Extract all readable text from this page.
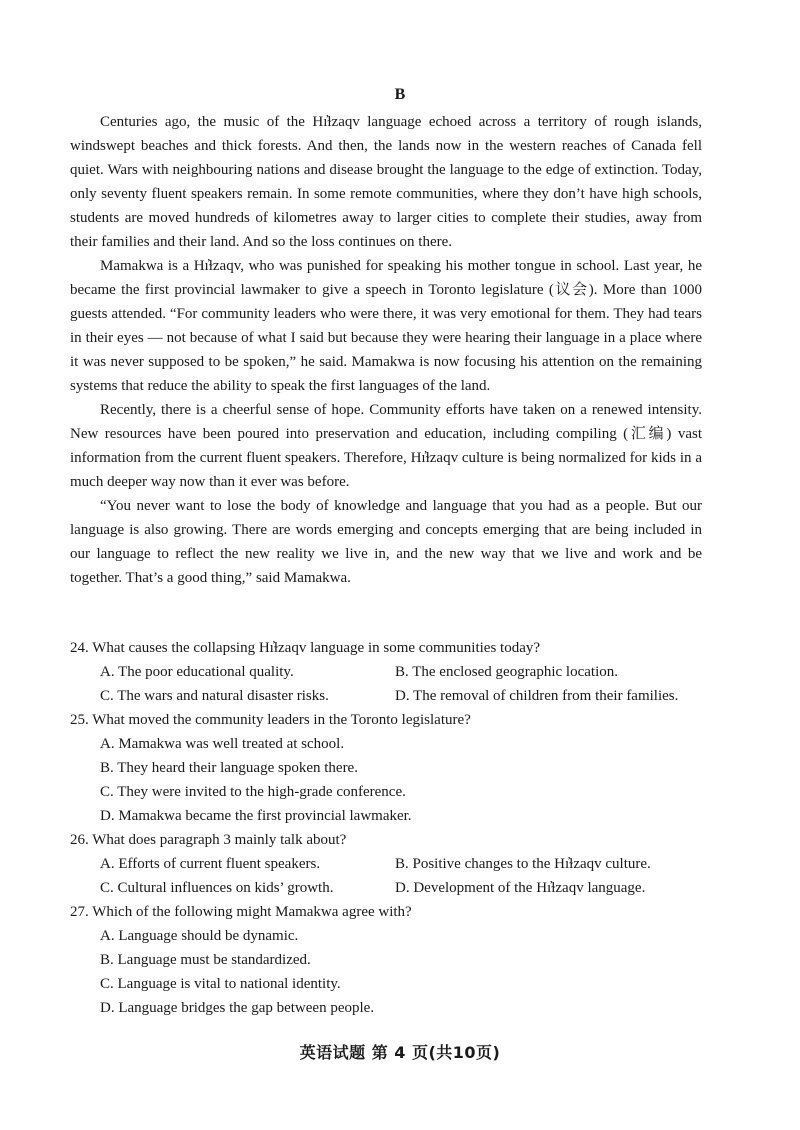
B

Centuries ago, the music of the Hı̓ɫzaqv language echoed across a territory of rough islands, windswept beaches and thick forests. And then, the lands now in the western reaches of Canada fell quiet. Wars with neighbouring nations and disease brought the language to the edge of extinction. Today, only seventy fluent speakers remain. In some remote communities, where they don’t have high schools, students are moved hundreds of kilometres away to larger cities to complete their studies, away from their families and their land. And so the loss continues on there.

Mamakwa is a Hı̓ɫzaqv, who was punished for speaking his mother tongue in school. Last year, he became the first provincial lawmaker to give a speech in Toronto legislature (议会). More than 1000 guests attended. “For community leaders who were there, it was very emotional for them. They had tears in their eyes — not because of what I said but because they were hearing their language in a place where it was never supposed to be spoken,” he said. Mamakwa is now focusing his attention on the remaining systems that reduce the ability to speak the first languages of the land.

Recently, there is a cheerful sense of hope. Community efforts have taken on a renewed intensity. New resources have been poured into preservation and education, including compiling (汇编) vast information from the current fluent speakers. Therefore, Hı̓ɫzaqv culture is being normalized for kids in a much deeper way now than it ever was before.

“You never want to lose the body of knowledge and language that you had as a people. But our language is also growing. There are words emerging and concepts emerging that are being included in our language to reflect the new reality we live in, and the new way that we live and work and be together. That’s a good thing,” said Mamakwa.

24. What causes the collapsing Hı̓ɫzaqv language in some communities today?
A. The poor educational quality.	B. The enclosed geographic location.
C. The wars and natural disaster risks.	D. The removal of children from their families.
25. What moved the community leaders in the Toronto legislature?
A. Mamakwa was well treated at school.
B. They heard their language spoken there.
C. They were invited to the high-grade conference.
D. Mamakwa became the first provincial lawmaker.
26. What does paragraph 3 mainly talk about?
A. Efforts of current fluent speakers.	B. Positive changes to the Hı̓ɫzaqv culture.
C. Cultural influences on kids’ growth.	D. Development of the Hı̓ɫzaqv language.
27. Which of the following might Mamakwa agree with?
A. Language should be dynamic.
B. Language must be standardized.
C. Language is vital to national identity.
D. Language bridges the gap between people.
英语试题 第 4 页(共10页)
